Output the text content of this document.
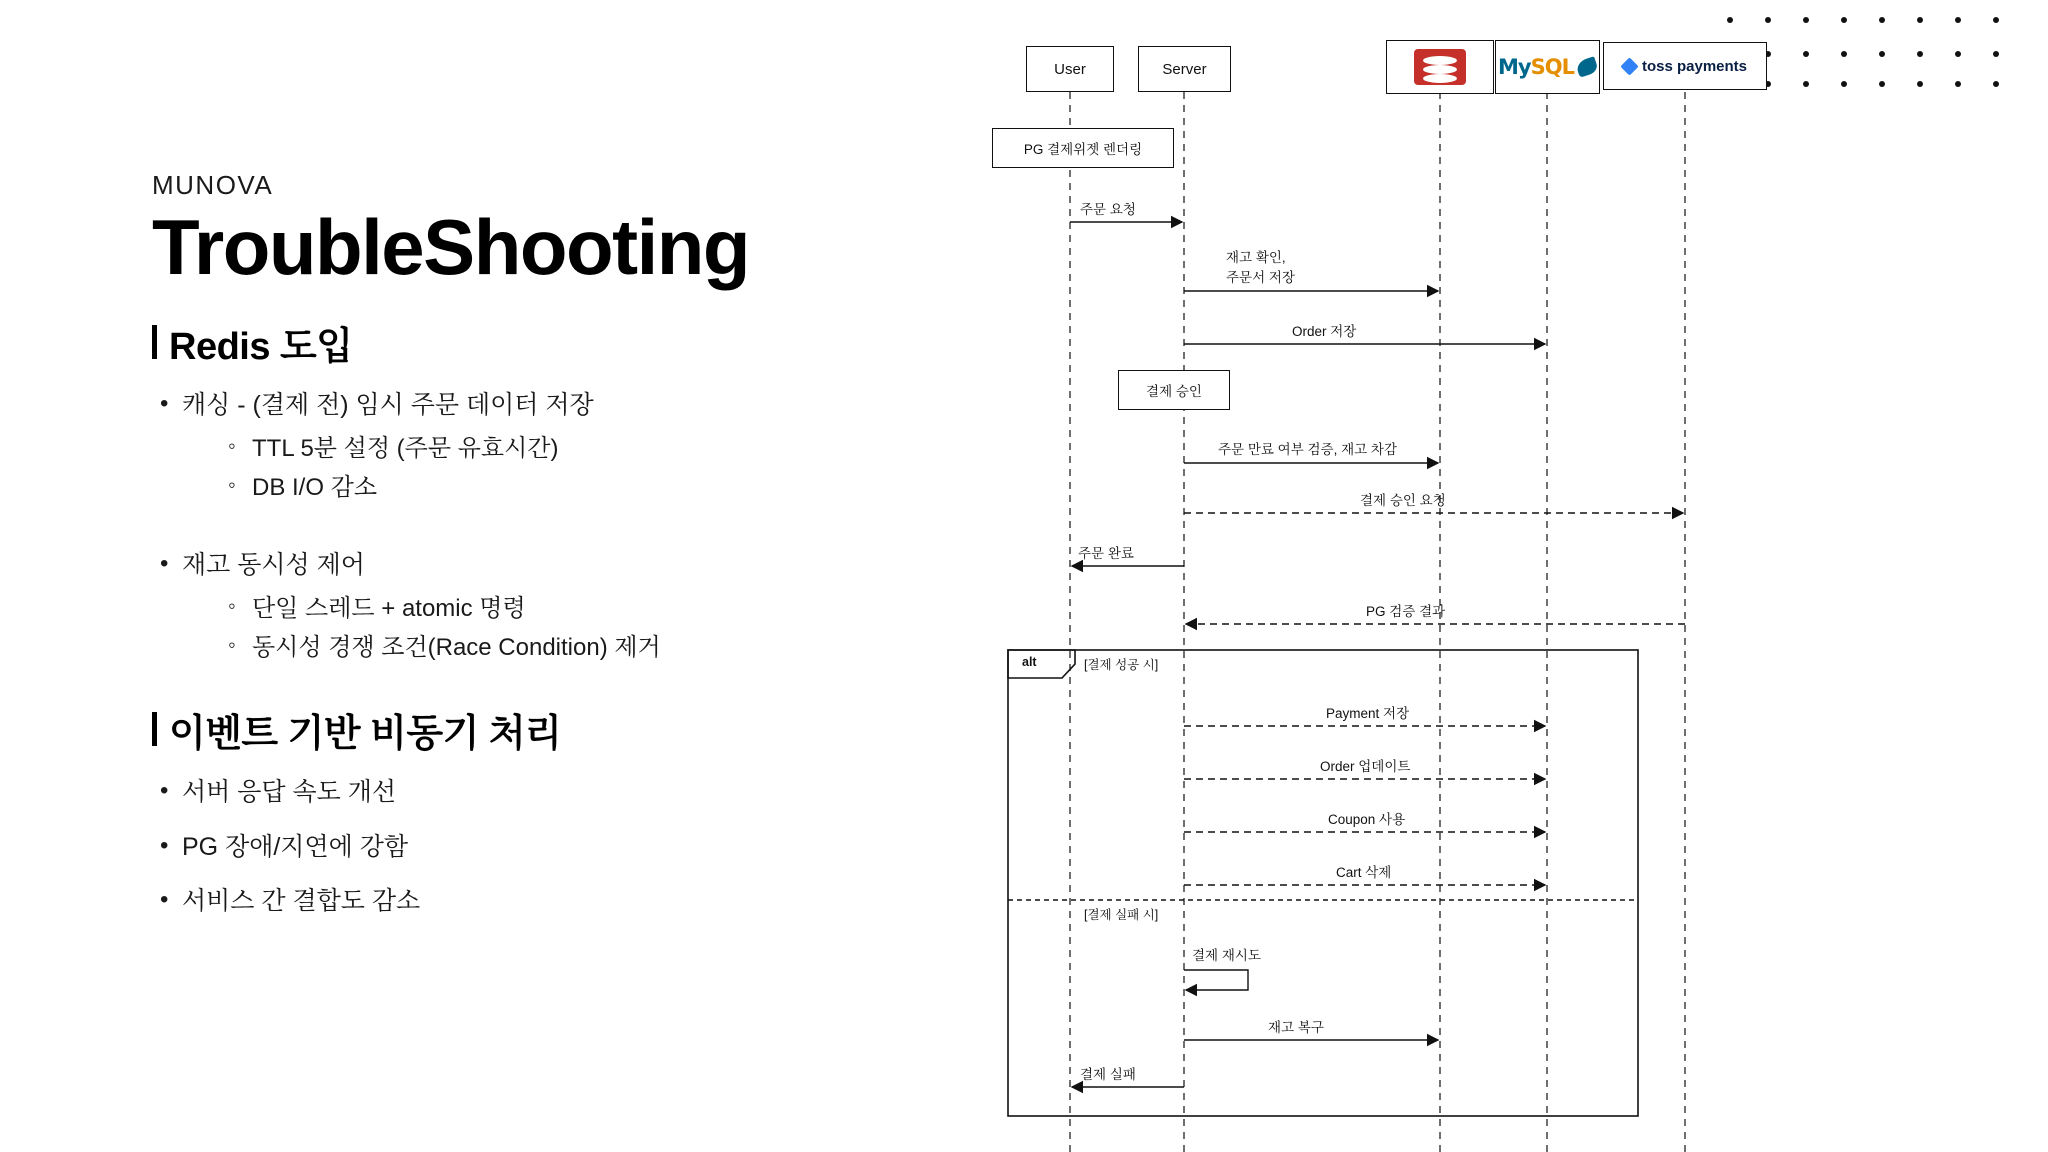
MUNOVA
TroubleShooting
Redis 도입
• 캐싱 - (결제 전) 임시 주문 데이터 저장
◦ TTL 5분 설정 (주문 유효시간)
◦ DB I/O 감소
• 재고 동시성 제어
◦ 단일 스레드 + atomic 명령
◦ 동시성 경쟁 조건(Race Condition) 제거
이벤트 기반 비동기 처리
• 서버 응답 속도 개선
• PG 장애/지연에 강함
• 서비스 간 결합도 감소
User	Server	MySQL	toss payments
PG 결제위젯 렌더링
결제 승인
주문 요청
재고 확인,
주문서 저장
Order 저장
주문 만료 여부 검증, 재고 차감
결제 승인 요청
주문 완료
PG 검증 결과
Payment 저장
Order 업데이트
Coupon 사용
Cart 삭제
결제 재시도
재고 복구
결제 실패
alt	[결제 성공 시]
[결제 실패 시]
